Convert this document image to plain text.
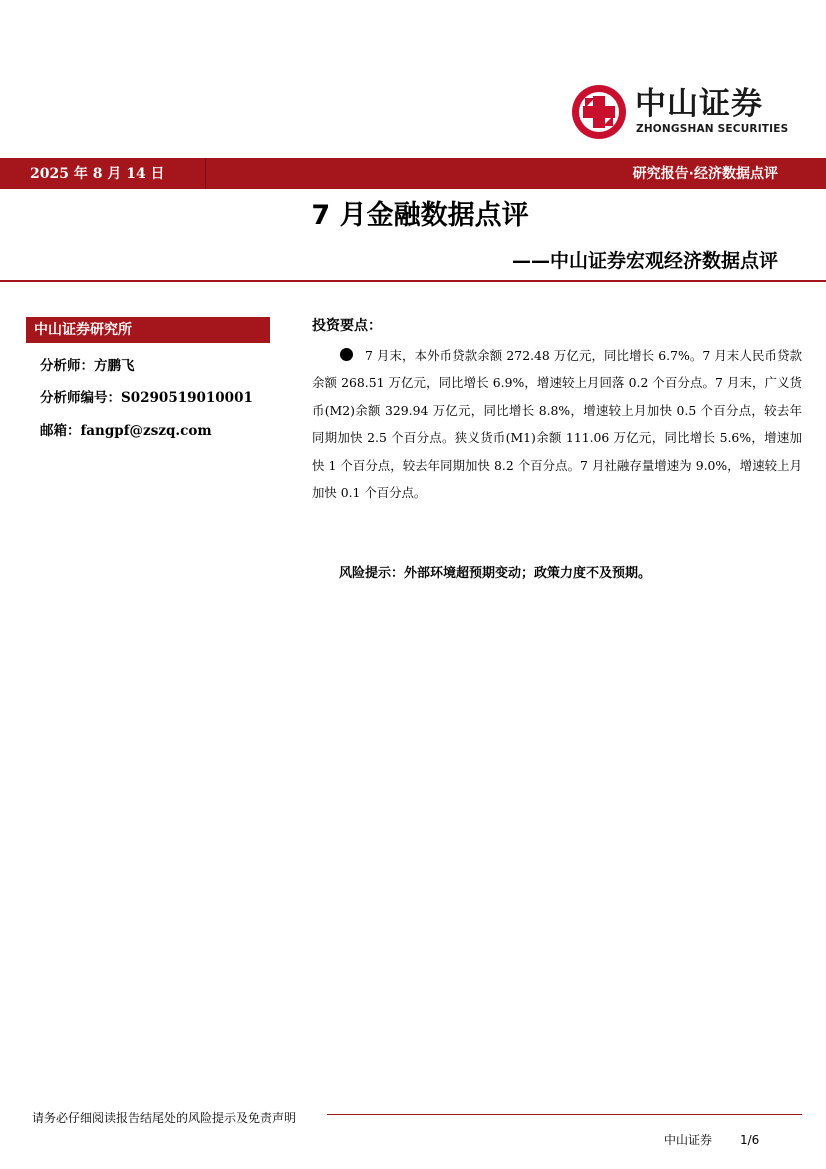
中山证券
ZHONGSHAN SECURITIES
2025 年 8 月 14 日	研究报告·经济数据点评
7 月金融数据点评
——中山证券宏观经济数据点评
中山证券研究所
分析师：方鹏飞
分析师编号：S0290519010001
邮箱：fangpf@zszq.com
投资要点：
7 月末，本外币贷款余额 272.48 万亿元，同比增长 6.7%。7 月末人民币贷款余额 268.51 万亿元，同比增长 6.9%，增速较上月回落 0.2 个百分点。7 月末，广义货币(M2)余额 329.94 万亿元，同比增长 8.8%，增速较上月加快 0.5 个百分点，较去年同期加快 2.5 个百分点。狭义货币(M1)余额 111.06 万亿元，同比增长 5.6%，增速加快 1 个百分点，较去年同期加快 8.2 个百分点。7 月社融存量增速为 9.0%，增速较上月加快 0.1 个百分点。
风险提示：外部环境超预期变动；政策力度不及预期。
请务必仔细阅读报告结尾处的风险提示及免责声明
中山证券 1/6
